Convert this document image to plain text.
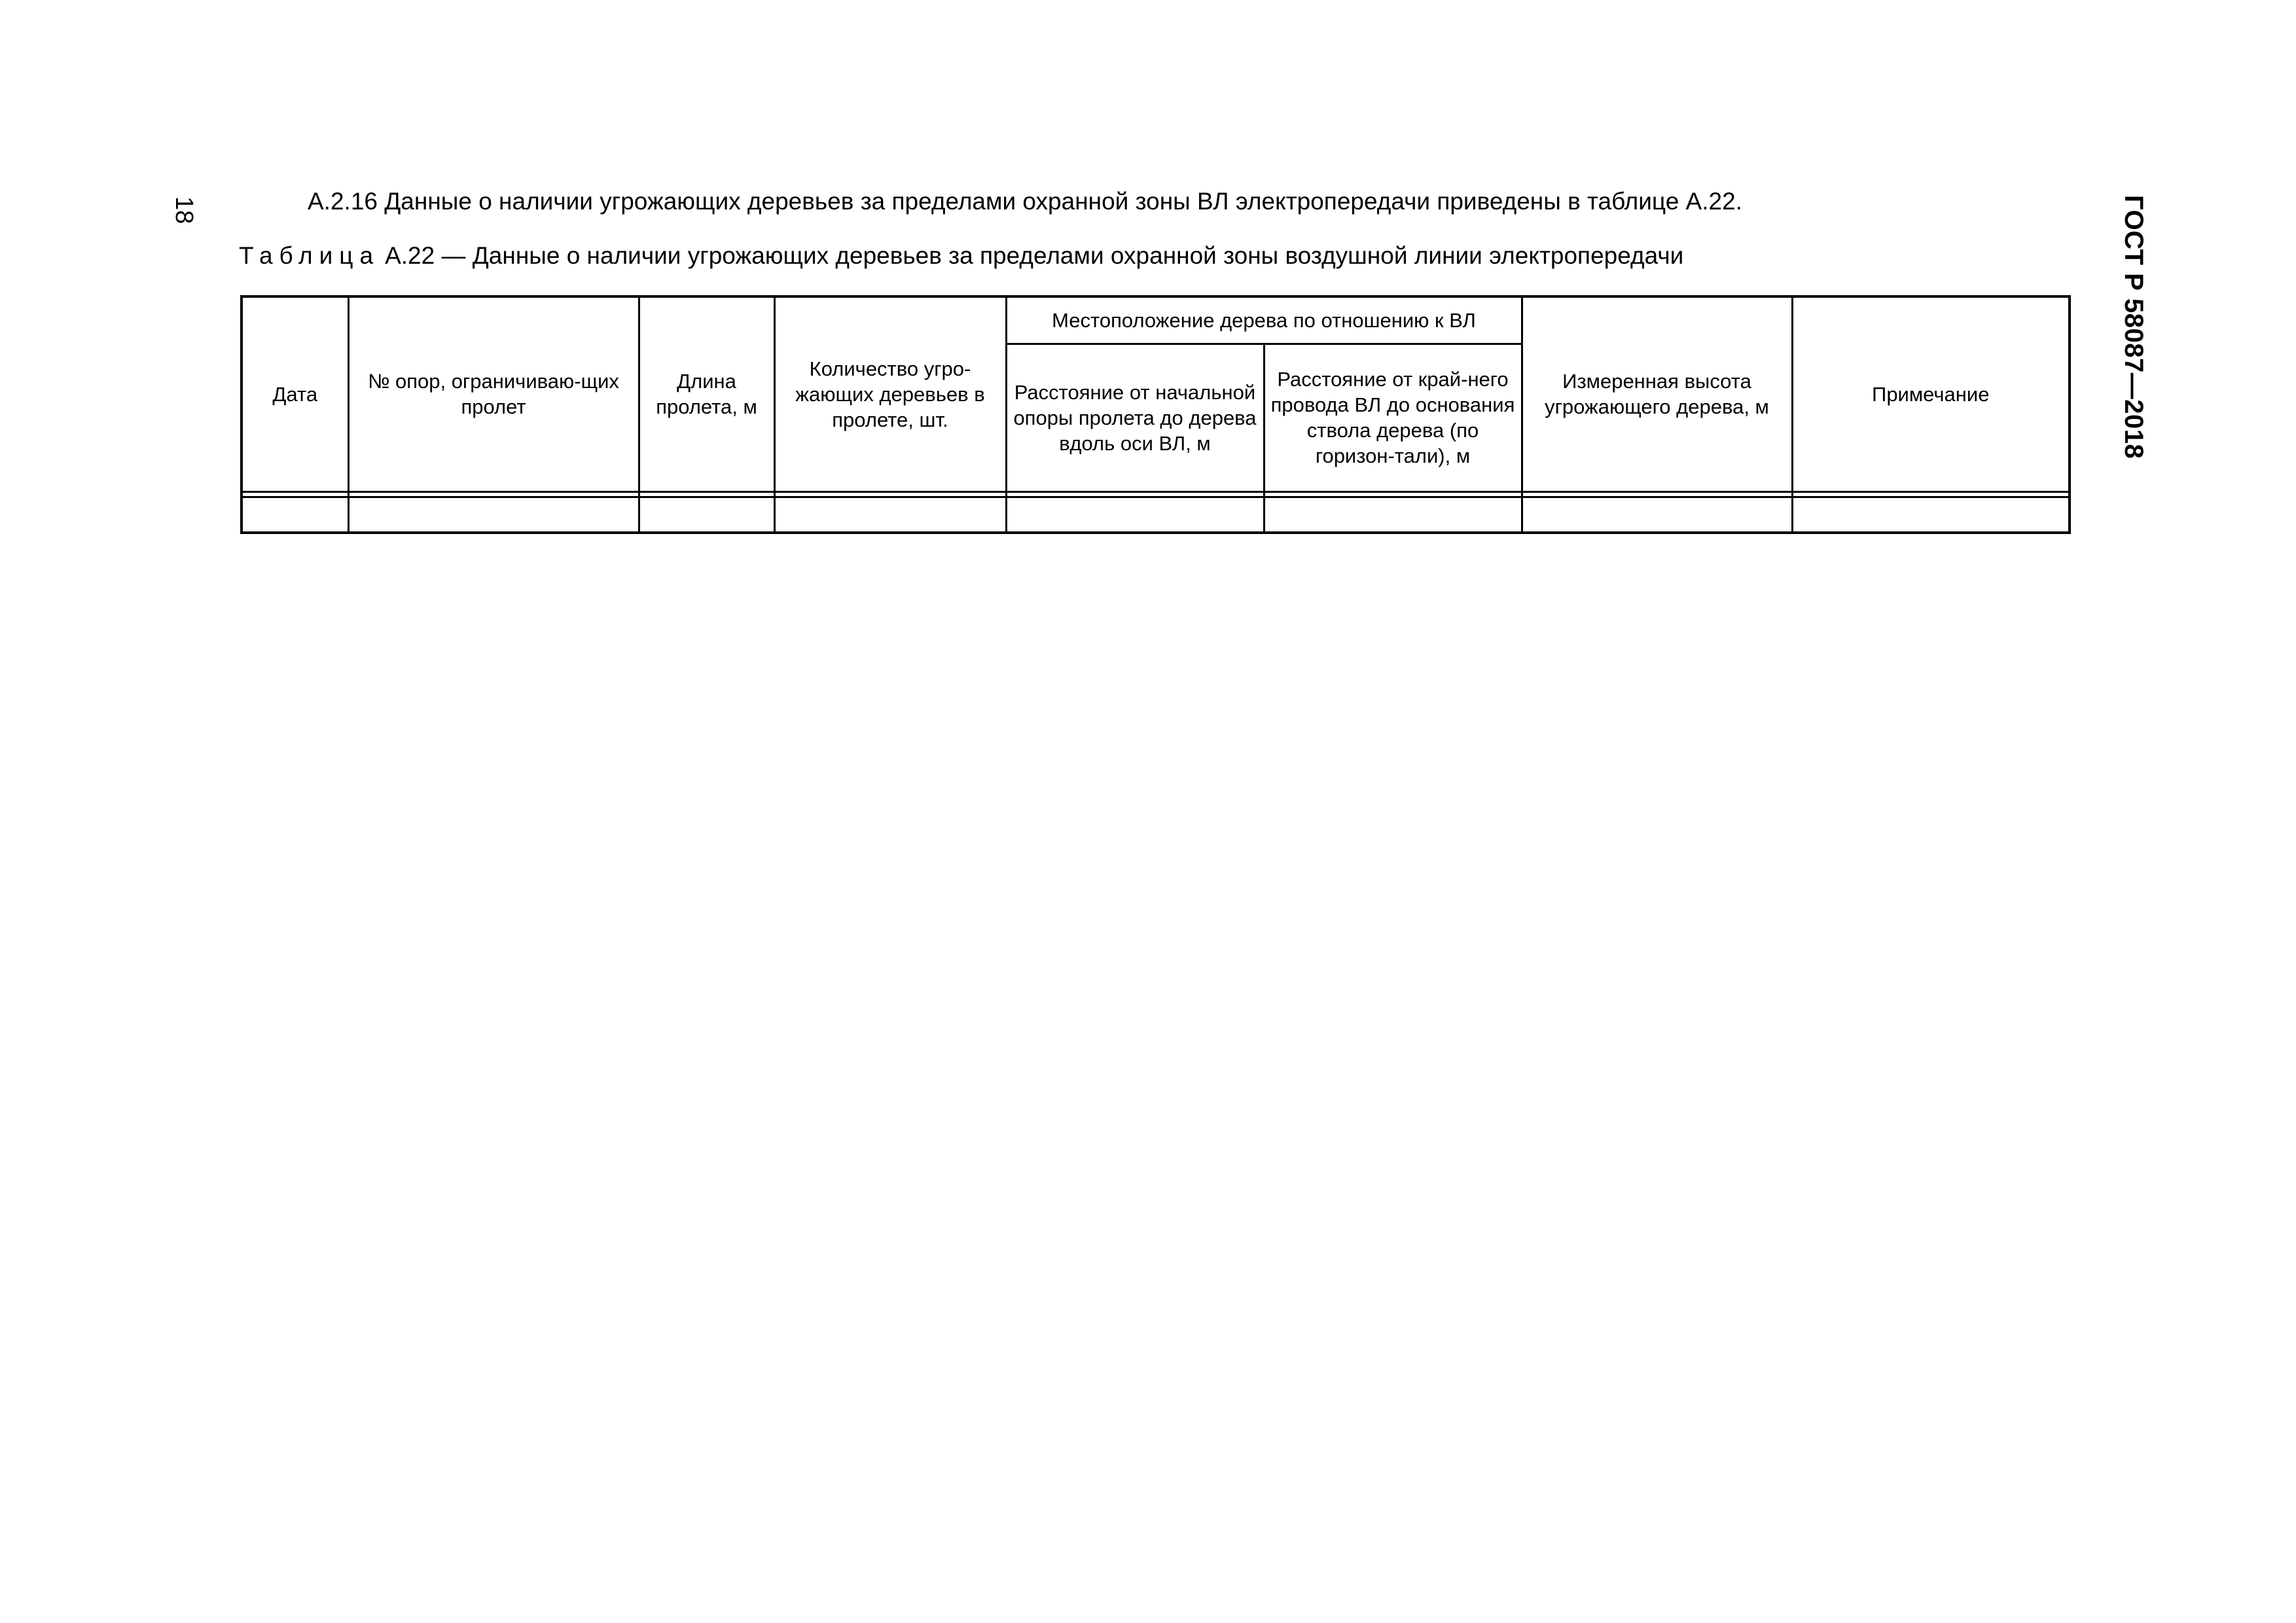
18	ГОСТ Р 58087—2018
А.2.16 Данные о наличии угрожающих деревьев за пределами охранной зоны ВЛ электропередачи приведены в таблице А.22.
Таблица А.22 — Данные о наличии угрожающих деревьев за пределами охранной зоны воздушной линии электропередачи
Дата	№ опор, ограничиваю-щих пролет	Длина пролета, м	Количество угро-жающих деревьев в пролете, шт.	Местоположение дерева по отношению к ВЛ		Измеренная высота угрожающего дерева, м	Примечание
				Расстояние от начальной опоры пролета до дерева вдоль оси ВЛ, м	Расстояние от край-него провода ВЛ до основания ствола дерева (по горизон-тали), м		
